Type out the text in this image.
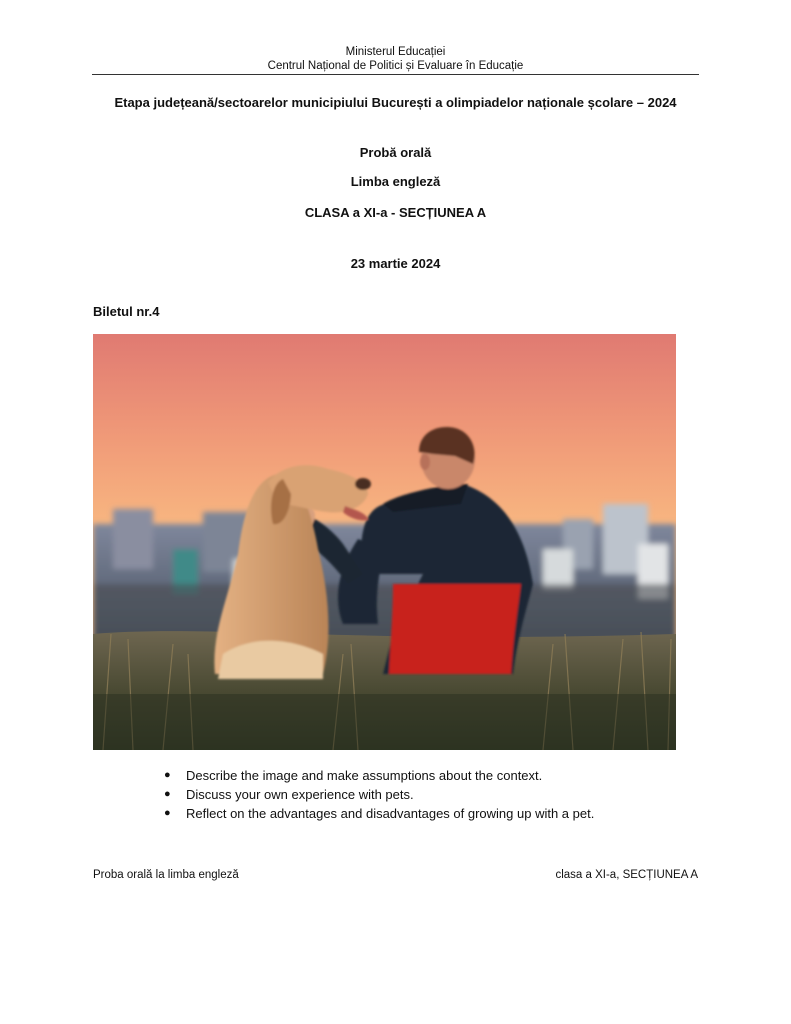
Ministerul Educației
Centrul Național de Politici și Evaluare în Educație
Etapa județeană/sectoarelor municipiului București a olimpiadelor naționale școlare – 2024
Probă orală
Limba engleză
CLASA a XI-a - SECȚIUNEA A
23 martie 2024
Biletul nr.4
● Describe the image and make assumptions about the context.
● Discuss your own experience with pets.
● Reflect on the advantages and disadvantages of growing up with a pet.
Proba orală la limba engleză	clasa a XI-a, SECȚIUNEA A
